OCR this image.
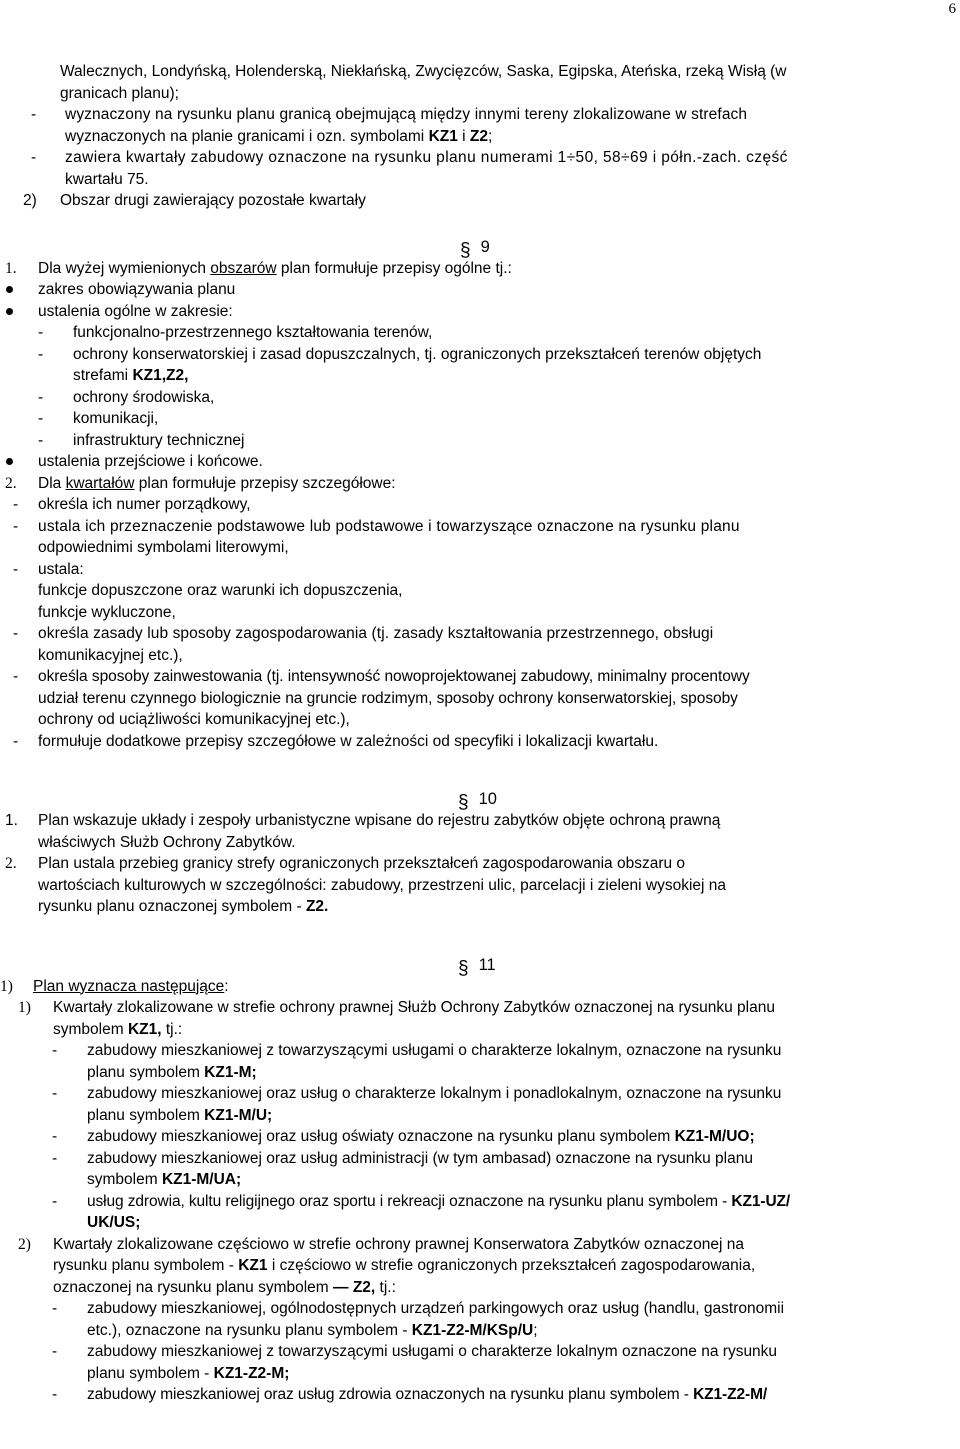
6
Walecznych, Londyńską, Holenderską, Niekłańską, Zwycięzców, Saska, Egipska, Ateńska, rzeką Wisłą (w
granicach planu);
- wyznaczony na rysunku planu granicą obejmującą między innymi tereny zlokalizowane w strefach
wyznaczonych na planie granicami i ozn. symbolami KZ1 i Z2;
- zawiera kwartały zabudowy oznaczone na rysunku planu numerami 1÷50, 58÷69 i półn.-zach. część
kwartału 75.
2) Obszar drugi zawierający pozostałe kwartały
§ 9
1. Dla wyżej wymienionych obszarów plan formułuje przepisy ogólne tj.:
zakres obowiązywania planu
ustalenia ogólne w zakresie:
- funkcjonalno-przestrzennego kształtowania terenów,
- ochrony konserwatorskiej i zasad dopuszczalnych, tj. ograniczonych przekształceń terenów objętych
strefami KZ1,Z2,
- ochrony środowiska,
- komunikacji,
- infrastruktury technicznej
ustalenia przejściowe i końcowe.
2. Dla kwartałów plan formułuje przepisy szczegółowe:
- określa ich numer porządkowy,
- ustala ich przeznaczenie podstawowe lub podstawowe i towarzyszące oznaczone na rysunku planu
odpowiednimi symbolami literowymi,
- ustala:
funkcje dopuszczone oraz warunki ich dopuszczenia,
funkcje wykluczone,
- określa zasady lub sposoby zagospodarowania (tj. zasady kształtowania przestrzennego, obsługi
komunikacyjnej etc.),
- określa sposoby zainwestowania (tj. intensywność nowoprojektowanej zabudowy, minimalny procentowy
udział terenu czynnego biologicznie na gruncie rodzimym, sposoby ochrony konserwatorskiej, sposoby
ochrony od uciążliwości komunikacyjnej etc.),
- formułuje dodatkowe przepisy szczegółowe w zależności od specyfiki i lokalizacji kwartału.
§ 10
1. Plan wskazuje układy i zespoły urbanistyczne wpisane do rejestru zabytków objęte ochroną prawną
właściwych Służb Ochrony Zabytków.
2. Plan ustala przebieg granicy strefy ograniczonych przekształceń zagospodarowania obszaru o
wartościach kulturowych w szczególności: zabudowy, przestrzeni ulic, parcelacji i zieleni wysokiej na
rysunku planu oznaczonej symbolem - Z2.
§ 11
1) Plan wyznacza następujące:
1) Kwartały zlokalizowane w strefie ochrony prawnej Służb Ochrony Zabytków oznaczonej na rysunku planu
symbolem KZ1, tj.:
- zabudowy mieszkaniowej z towarzyszącymi usługami o charakterze lokalnym, oznaczone na rysunku
planu symbolem KZ1-M;
- zabudowy mieszkaniowej oraz usług o charakterze lokalnym i ponadlokalnym, oznaczone na rysunku
planu symbolem KZ1-M/U;
- zabudowy mieszkaniowej oraz usług oświaty oznaczone na rysunku planu symbolem KZ1-M/UO;
- zabudowy mieszkaniowej oraz usług administracji (w tym ambasad) oznaczone na rysunku planu
symbolem KZ1-M/UA;
- usług zdrowia, kultu religijnego oraz sportu i rekreacji oznaczone na rysunku planu symbolem - KZ1-UZ/
UK/US;
2) Kwartały zlokalizowane częściowo w strefie ochrony prawnej Konserwatora Zabytków oznaczonej na
rysunku planu symbolem - KZ1 i częściowo w strefie ograniczonych przekształceń zagospodarowania,
oznaczonej na rysunku planu symbolem — Z2, tj.:
- zabudowy mieszkaniowej, ogólnodostępnych urządzeń parkingowych oraz usług (handlu, gastronomii
etc.), oznaczone na rysunku planu symbolem - KZ1-Z2-M/KSp/U;
- zabudowy mieszkaniowej z towarzyszącymi usługami o charakterze lokalnym oznaczone na rysunku
planu symbolem - KZ1-Z2-M;
- zabudowy mieszkaniowej oraz usług zdrowia oznaczonych na rysunku planu symbolem - KZ1-Z2-M/
